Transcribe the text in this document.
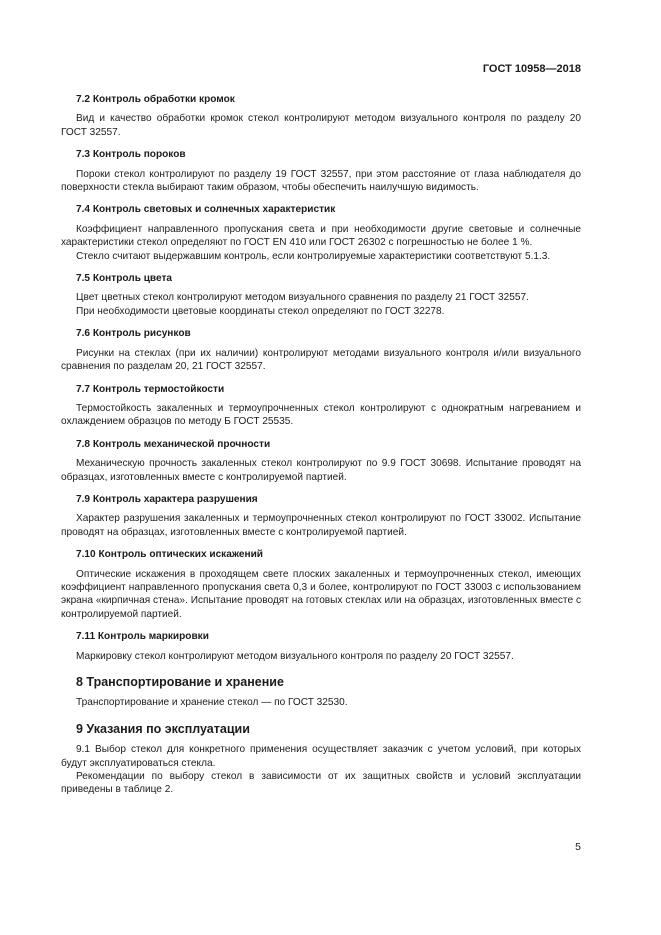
ГОСТ 10958—2018
7.2 Контроль обработки кромок

Вид и качество обработки кромок стекол контролируют методом визуального контроля по разделу 20 ГОСТ 32557.

7.3 Контроль пороков

Пороки стекол контролируют по разделу 19 ГОСТ 32557, при этом расстояние от глаза наблюдателя до поверхности стекла выбирают таким образом, чтобы обеспечить наилучшую видимость.

7.4 Контроль световых и солнечных характеристик

Коэффициент направленного пропускания света и при необходимости другие световые и солнечные характеристики стекол определяют по ГОСТ EN 410 или ГОСТ 26302 с погрешностью не более 1 %.

Стекло считают выдержавшим контроль, если контролируемые характеристики соответствуют 5.1.3.

7.5 Контроль цвета

Цвет цветных стекол контролируют методом визуального сравнения по разделу 21 ГОСТ 32557.

При необходимости цветовые координаты стекол определяют по ГОСТ 32278.

7.6 Контроль рисунков

Рисунки на стеклах (при их наличии) контролируют методами визуального контроля и/или визуального сравнения по разделам 20, 21 ГОСТ 32557.

7.7 Контроль термостойкости

Термостойкость закаленных и термоупрочненных стекол контролируют с однократным нагреванием и охлаждением образцов по методу Б ГОСТ 25535.

7.8 Контроль механической прочности

Механическую прочность закаленных стекол контролируют по 9.9 ГОСТ 30698. Испытание проводят на образцах, изготовленных вместе с контролируемой партией.

7.9 Контроль характера разрушения

Характер разрушения закаленных и термоупрочненных стекол контролируют по ГОСТ 33002. Испытание проводят на образцах, изготовленных вместе с контролируемой партией.

7.10 Контроль оптических искажений

Оптические искажения в проходящем свете плоских закаленных и термоупрочненных стекол, имеющих коэффициент направленного пропускания света 0,3 и более, контролируют по ГОСТ 33003 с использованием экрана «кирпичная стена». Испытание проводят на готовых стеклах или на образцах, изготовленных вместе с контролируемой партией.

7.11 Контроль маркировки

Маркировку стекол контролируют методом визуального контроля по разделу 20 ГОСТ 32557.

8 Транспортирование и хранение

Транспортирование и хранение стекол — по ГОСТ 32530.

9 Указания по эксплуатации

9.1 Выбор стекол для конкретного применения осуществляет заказчик с учетом условий, при которых будут эксплуатироваться стекла.

Рекомендации по выбору стекол в зависимости от их защитных свойств и условий эксплуатации приведены в таблице 2.

5
